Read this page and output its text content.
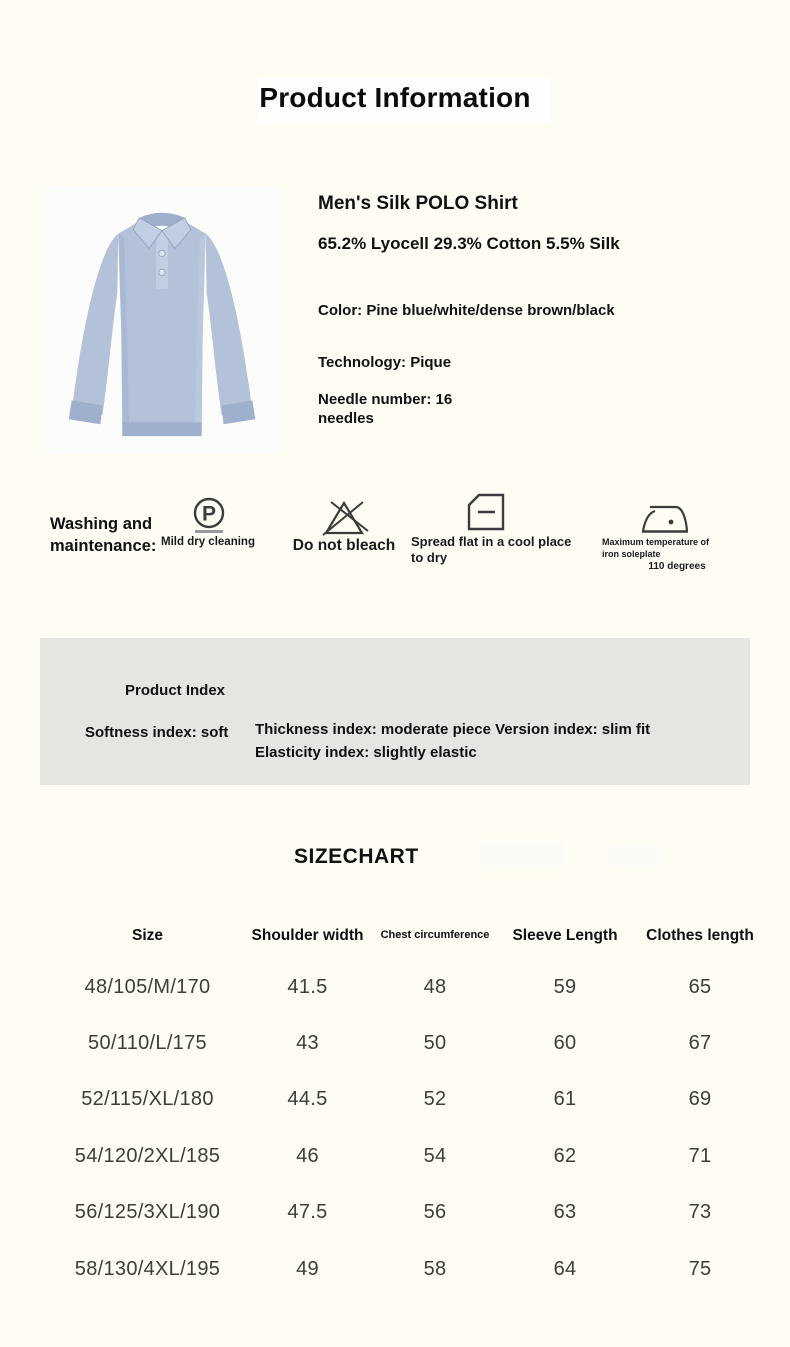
Product Information
Men's Silk POLO Shirt
65.2% Lyocell 29.3% Cotton 5.5% Silk
Color: Pine blue/white/dense brown/black
Technology: Pique
Needle number: 16 needles
Washing and maintenance:
P
Mild dry cleaning	Do not bleach	Spread flat in a cool place to dry
Maximum temperature of iron soleplate
110 degrees
Product Index
Softness index: soft Thickness index: moderate piece Version index: slim fit Elasticity index: slightly elastic
SIZECHART
Size	Shoulder width	Chest circumference	Sleeve Length	Clothes length
48/105/M/170	41.5	48	59	65
50/110/L/175	43	50	60	67
52/115/XL/180	44.5	52	61	69
54/120/2XL/185	46	54	62	71
56/125/3XL/190	47.5	56	63	73
58/130/4XL/195	49	58	64	75
